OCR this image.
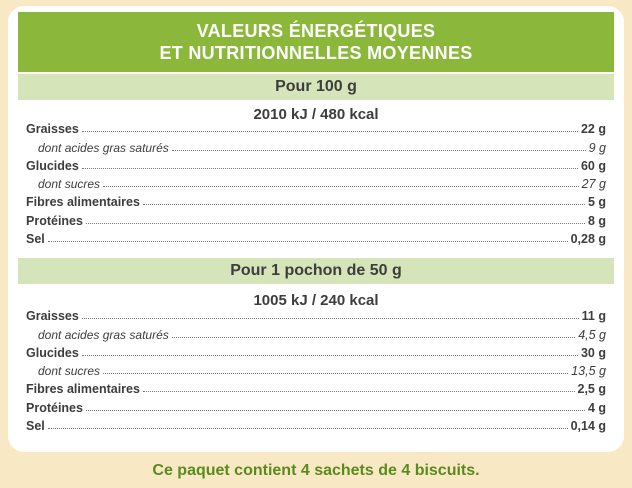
VALEURS ÉNERGÉTIQUES
ET NUTRITIONNELLES MOYENNES
Pour 100 g
2010 kJ / 480 kcal
Graisses	22 g
dont acides gras saturés	9 g
Glucides	60 g
dont sucres	27 g
Fibres alimentaires	5 g
Protéines	8 g
Sel	0,28 g
Pour 1 pochon de 50 g
1005 kJ / 240 kcal
Graisses	11 g
dont acides gras saturés	4,5 g
Glucides	30 g
dont sucres	13,5 g
Fibres alimentaires	2,5 g
Protéines	4 g
Sel	0,14 g
Ce paquet contient 4 sachets de 4 biscuits.
